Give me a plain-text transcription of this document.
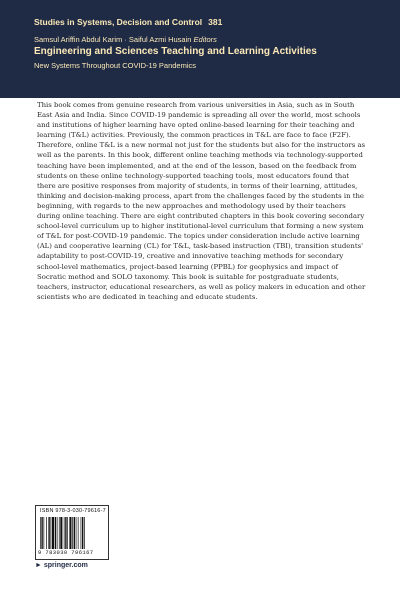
Studies in Systems, Decision and Control 381
Samsul Ariffin Abdul Karim · Saiful Azmi Husain Editors
Engineering and Sciences Teaching and Learning Activities
New Systems Throughout COVID-19 Pandemics
This book comes from genuine research from various universities in Asia, such as in South East Asia and India. Since COVID-19 pandemic is spreading all over the world, most schools and institutions of higher learning have opted online-based learning for their teaching and learning (T&L) activities. Previously, the common practices in T&L are face to face (F2F). Therefore, online T&L is a new normal not just for the students but also for the instructors as well as the parents. In this book, different online teaching methods via technology-supported teaching have been implemented, and at the end of the lesson, based on the feedback from students on these online technology-supported teaching tools, most educators found that there are positive responses from majority of students, in terms of their learning, attitudes, thinking and decision-making process, apart from the challenges faced by the students in the beginning, with regards to the new approaches and methodology used by their teachers during online teaching. There are eight contributed chapters in this book covering secondary school-level curriculum up to higher institutional-level curriculum that forming a new system of T&L for post-COVID-19 pandemic. The topics under consideration include active learning (AL) and cooperative learning (CL) for T&L, task-based instruction (TBI), transition students' adaptability to post-COVID-19, creative and innovative teaching methods for secondary school-level mathematics, project-based learning (PPBL) for geophysics and impact of Socratic method and SOLO taxonomy. This book is suitable for postgraduate students, teachers, instructor, educational researchers, as well as policy makers in education and other scientists who are dedicated in teaching and educate students.
ISBN 978-3-030-79616-7
9 783030 796167
► springer.com
